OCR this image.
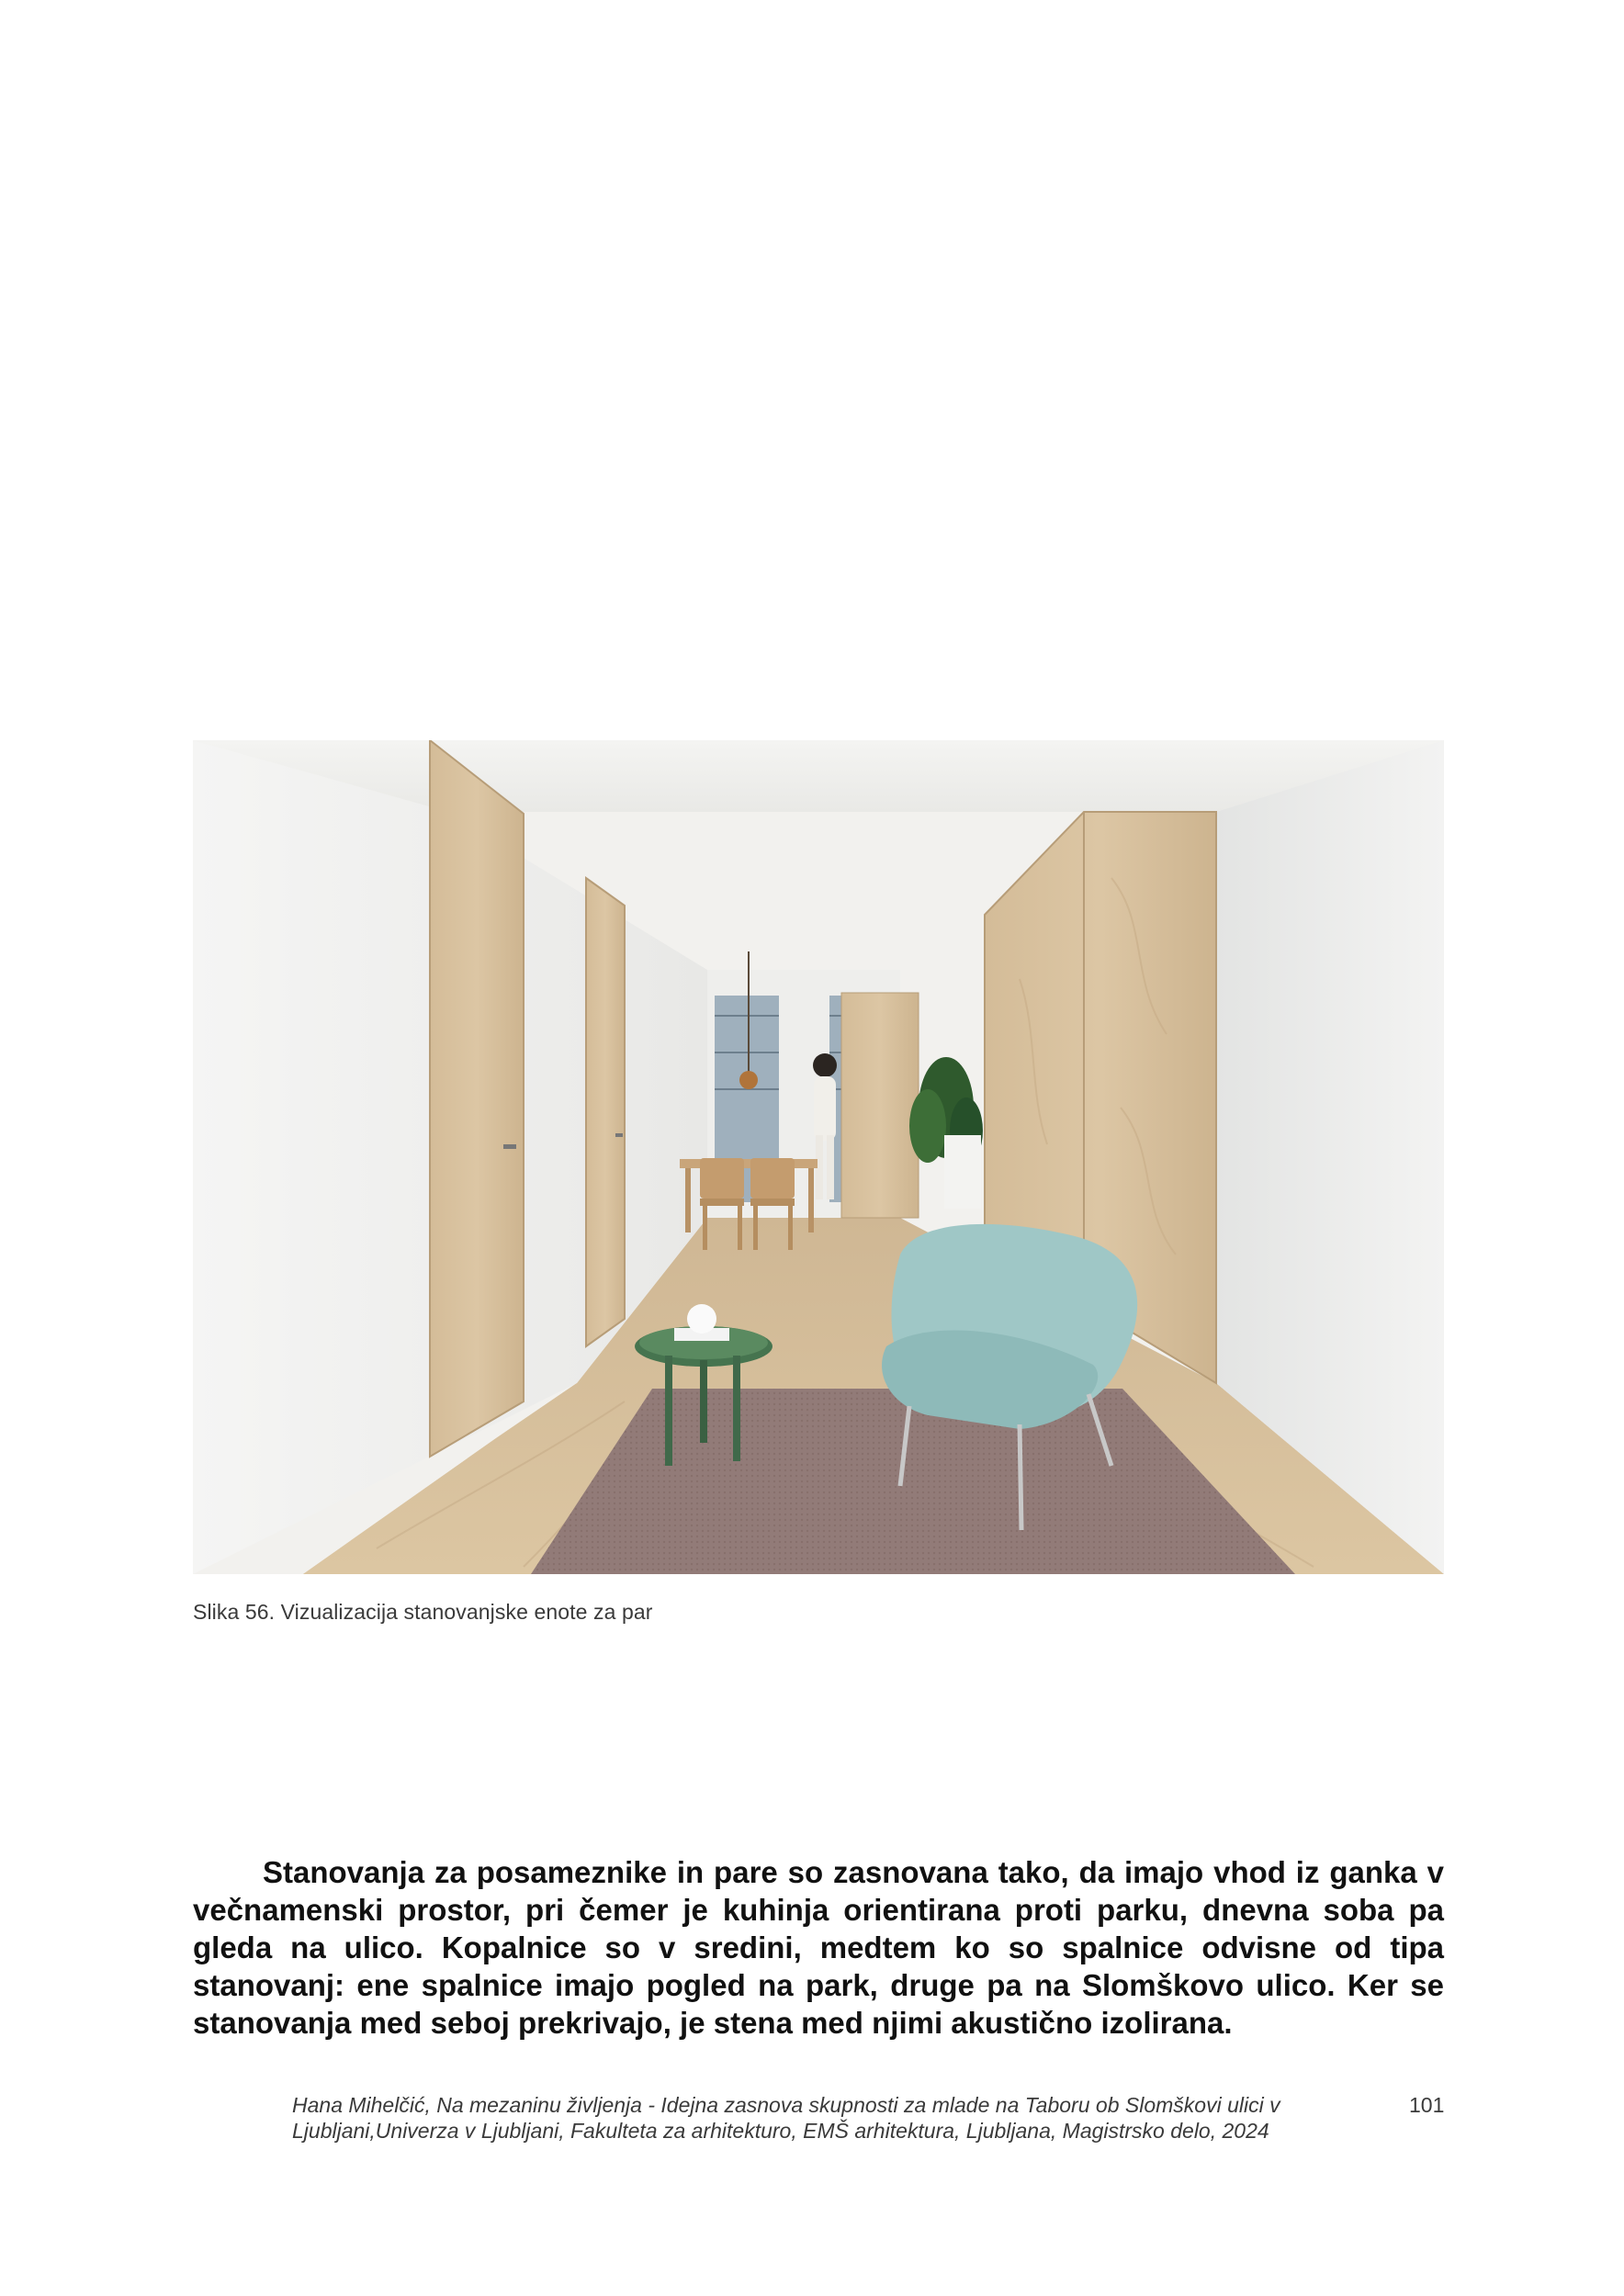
Slika 56. Vizualizacija stanovanjske enote za par

Stanovanja za posameznike in pare so zasnovana tako, da imajo vhod iz ganka v večnamenski prostor, pri čemer je kuhinja orientirana proti parku, dnevna soba pa gleda na ulico. Kopalnice so v sredini, medtem ko so spalnice odvisne od tipa stanovanj: ene spalnice imajo pogled na park, druge pa na Slomškovo ulico. Ker se stanovanja med seboj prekrivajo, je stena med njimi akustično izolirana.

Hana Mihelčić, Na mezaninu življenja - Idejna zasnova skupnosti za mlade na Taboru ob Slomškovi ulici v
Ljubljani,Univerza v Ljubljani, Fakulteta za arhitekturo, EMŠ arhitektura, Ljubljana, Magistrsko delo, 2024
101
